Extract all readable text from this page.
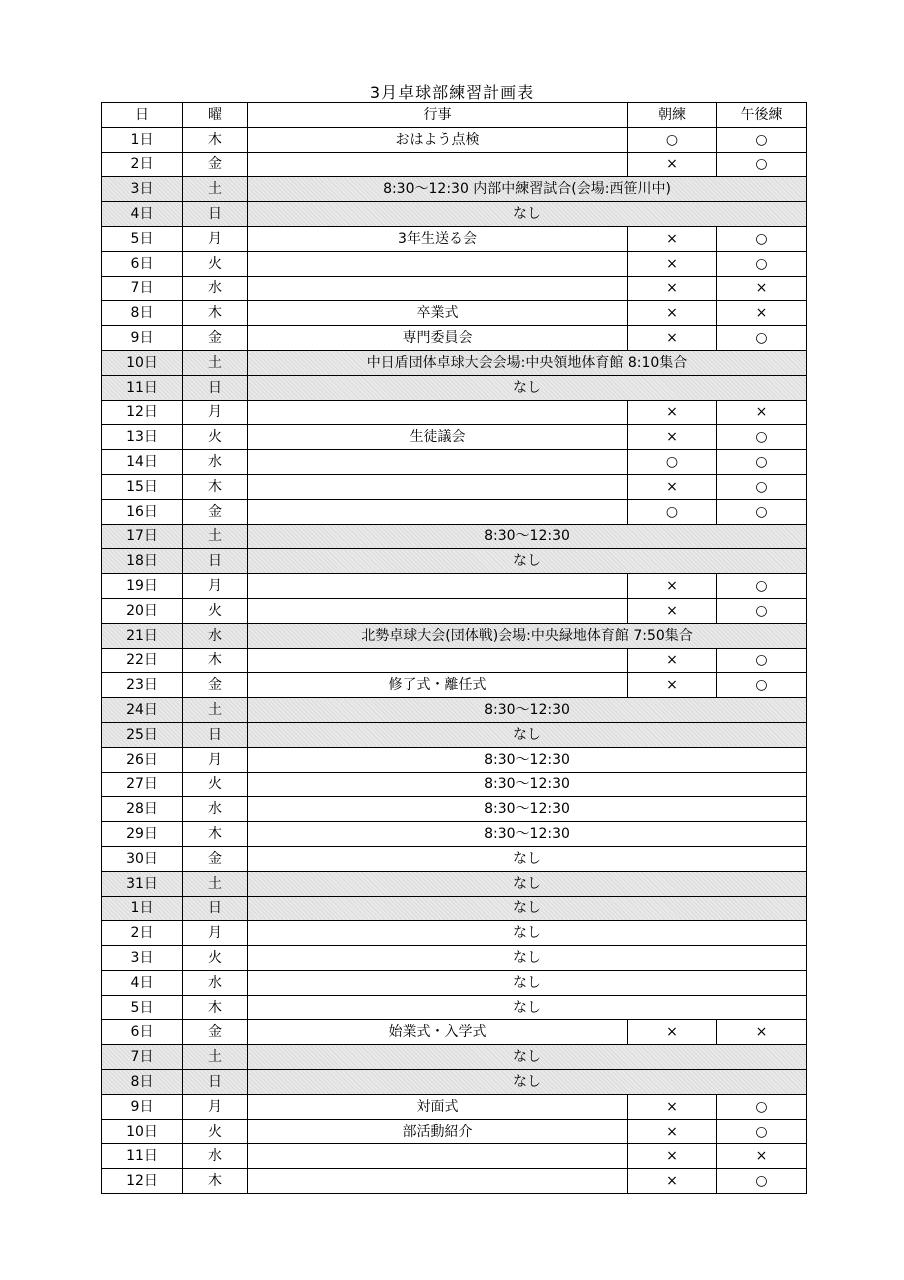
3月卓球部練習計画表
日	曜	行事	朝練	午後練
1日	木	おはよう点検	○	○
2日	金		×	○
3日	土	8:30～12:30 内部中練習試合(会場:西笹川中)		
4日	日	なし		
5日	月	3年生送る会	×	○
6日	火		×	○
7日	水		×	×
8日	木	卒業式	×	×
9日	金	専門委員会	×	○
10日	土	中日盾団体卓球大会会場:中央領地体育館 8:10集合		
11日	日	なし		
12日	月		×	×
13日	火	生徒議会	×	○
14日	水		○	○
15日	木		×	○
16日	金		○	○
17日	土	8:30～12:30		
18日	日	なし		
19日	月		×	○
20日	火		×	○
21日	水	北勢卓球大会(団体戦)会場:中央緑地体育館 7:50集合		
22日	木		×	○
23日	金	修了式・離任式	×	○
24日	土	8:30～12:30		
25日	日	なし		
26日	月	8:30～12:30		
27日	火	8:30～12:30		
28日	水	8:30～12:30		
29日	木	8:30～12:30		
30日	金	なし		
31日	土	なし		
1日	日	なし		
2日	月	なし		
3日	火	なし		
4日	水	なし		
5日	木	なし		
6日	金	始業式・入学式	×	×
7日	土	なし		
8日	日	なし		
9日	月	対面式	×	○
10日	火	部活動紹介	×	○
11日	水		×	×
12日	木		×	○
